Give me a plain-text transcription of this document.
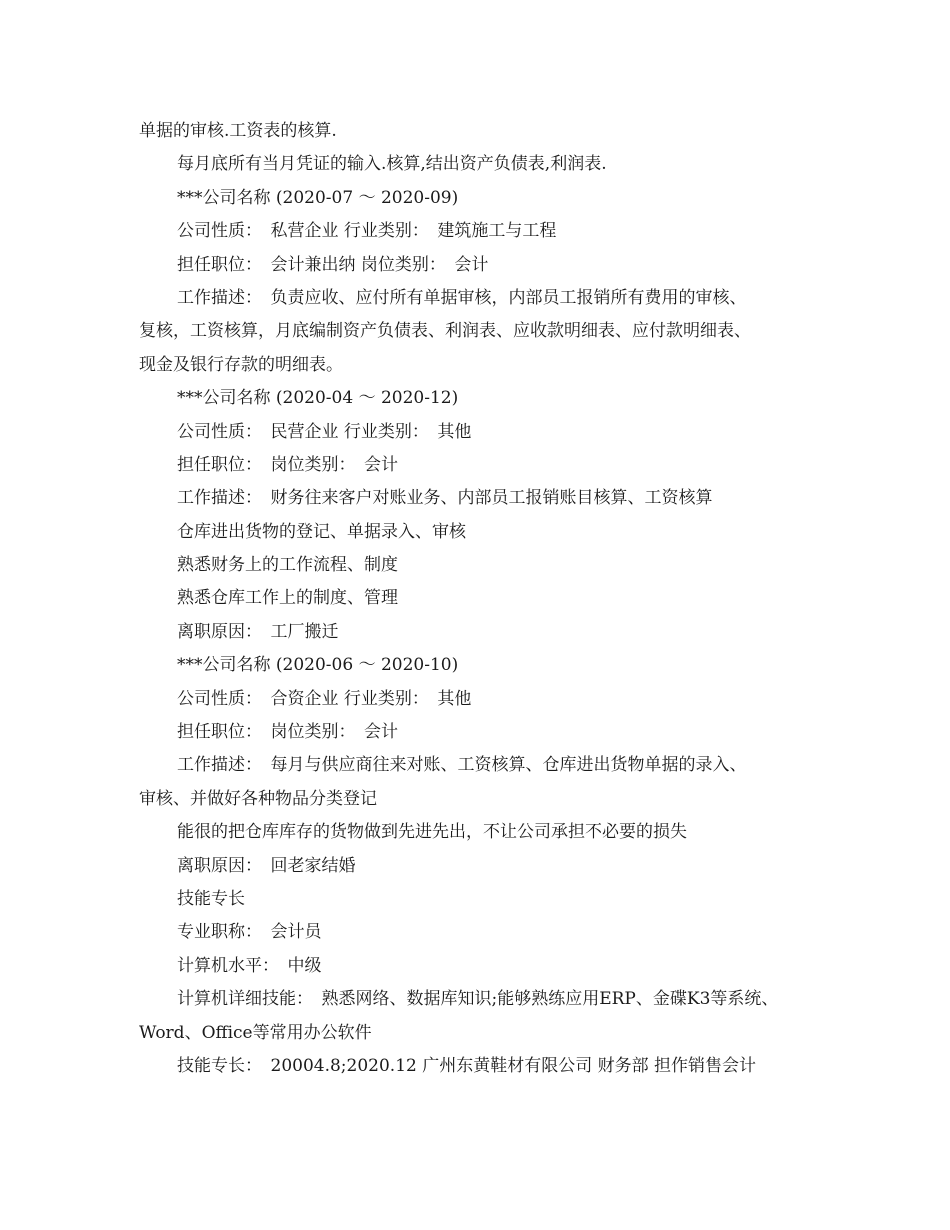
单据的审核.工资表的核算.
每月底所有当月凭证的输入.核算,结出资产负债表,利润表.
***公司名称 (2020-07 ～ 2020-09)
公司性质：　私营企业 行业类别：　建筑施工与工程
担任职位：　会计兼出纳 岗位类别：　会计
工作描述：　负责应收、应付所有单据审核，内部员工报销所有费用的审核、
复核，工资核算，月底编制资产负债表、利润表、应收款明细表、应付款明细表、
现金及银行存款的明细表。
***公司名称 (2020-04 ～ 2020-12)
公司性质：　民营企业 行业类别：　其他
担任职位：　岗位类别：　会计
工作描述：　财务往来客户对账业务、内部员工报销账目核算、工资核算
仓库进出货物的登记、单据录入、审核
熟悉财务上的工作流程、制度
熟悉仓库工作上的制度、管理
离职原因：　工厂搬迁
***公司名称 (2020-06 ～ 2020-10)
公司性质：　合资企业 行业类别：　其他
担任职位：　岗位类别：　会计
工作描述：　每月与供应商往来对账、工资核算、仓库进出货物单据的录入、
审核、并做好各种物品分类登记
能很的把仓库库存的货物做到先进先出，不让公司承担不必要的损失
离职原因：　回老家结婚
技能专长
专业职称：　会计员
计算机水平：　中级
计算机详细技能：　熟悉网络、数据库知识;能够熟练应用ERP、金碟K3等系统、
Word、Office等常用办公软件
技能专长：　20004.8;2020.12 广州东黄鞋材有限公司 财务部 担作销售会计
